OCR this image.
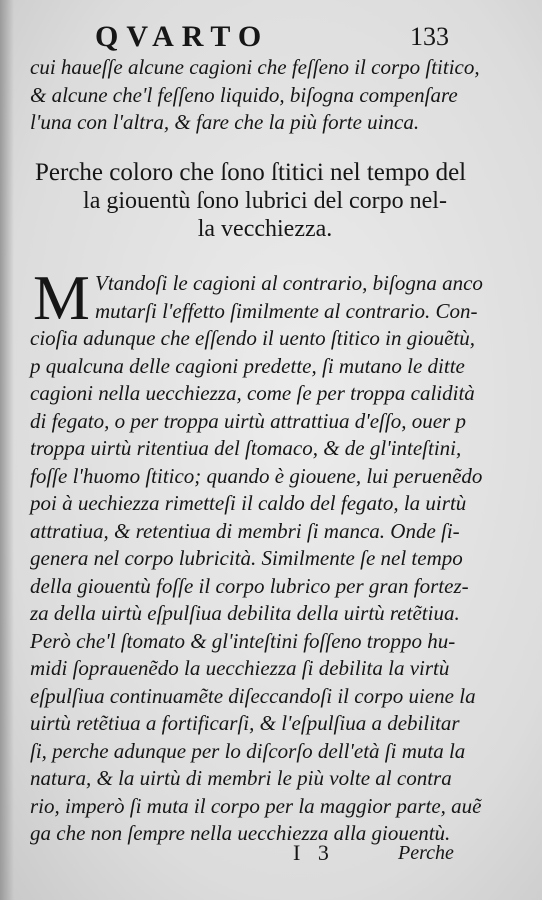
QVARTO	133
cui haueſſe alcune cagioni che feſſeno il corpo ſtitico,
& alcune che'l feſſeno liquido, biſogna compenſare
l'una con l'altra, & fare che la più forte uinca.
Perche coloro che ſono ſtitici nel tempo del
la giouentù ſono lubrici del corpo nel-
la vecchiezza.
M Vtandoſi le cagioni al contrario, biſogna anco
mutarſi l'effetto ſimilmente al contrario. Con-
cioſia adunque che eſſendo il uento ſtitico in giouẽtù,
p qualcuna delle cagioni predette, ſi mutano le ditte
cagioni nella uecchiezza, come ſe per troppa calidità
di fegato, o per troppa uirtù attrattiua d'eſſo, ouer p
troppa uirtù ritentiua del ſtomaco, & de gl'inteſtini,
foſſe l'huomo ſtitico; quando è giouene, lui peruenẽdo
poi à uechiezza rimetteſi il caldo del fegato, la uirtù
attratiua, & retentiua di membri ſi manca. Onde ſi-
genera nel corpo lubricità. Similmente ſe nel tempo
della giouentù foſſe il corpo lubrico per gran fortez-
za della uirtù eſpulſiua debilita della uirtù retẽtiua.
Però che'l ſtomato & gl'inteſtini foſſeno troppo hu-
midi ſoprauenẽdo la uecchiezza ſi debilita la virtù
eſpulſiua continuamẽte diſeccandoſi il corpo uiene la
uirtù retẽtiua a fortificarſi, & l'eſpulſiua a debilitar
ſi, perche adunque per lo diſcorſo dell'età ſi muta la
natura, & la uirtù di membri le più volte al contra
rio, imperò ſi muta il corpo per la maggior parte, auẽ
ga che non ſempre nella uecchiezza alla giouentù.
I 3	Perche
